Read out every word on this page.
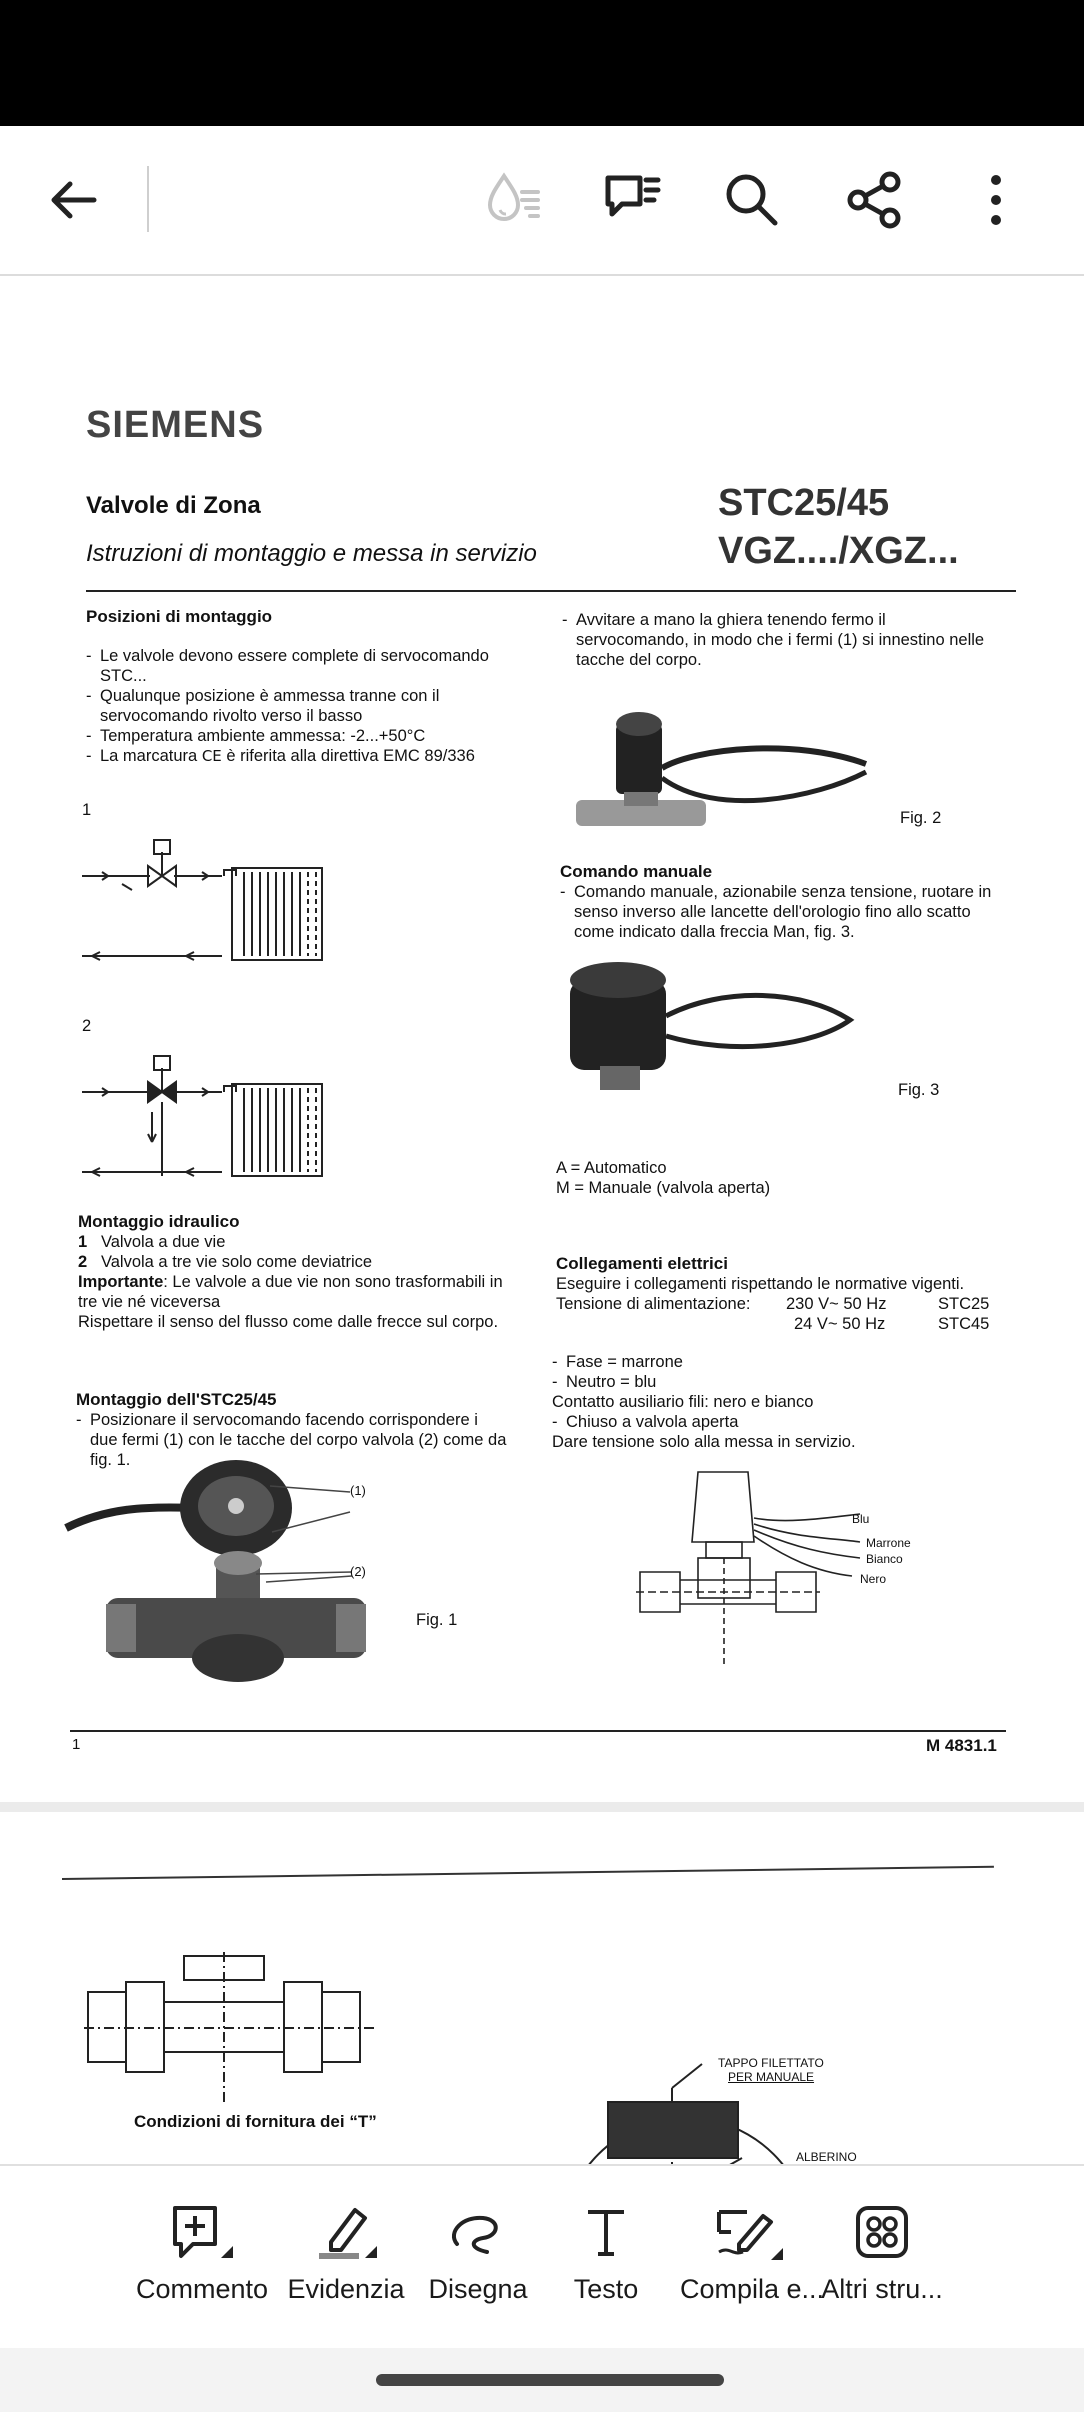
SIEMENS
Valvole di Zona
Istruzioni di montaggio e messa in servizio
STC25/45
VGZ..../XGZ...
Posizioni di montaggio
- Le valvole devono essere complete di servocomando
STC...
- Qualunque posizione è ammessa tranne con il
servocomando rivolto verso il basso
- Temperatura ambiente ammessa: -2...+50°C
- La marcatura CE è riferita alla direttiva EMC 89/336
1
2
Montaggio idraulico
1 Valvola a due vie
2 Valvola a tre vie solo come deviatrice
Importante: Le valvole a due vie non sono trasformabili in
tre vie né viceversa
Rispettare il senso del flusso come dalle frecce sul corpo.
Montaggio dell'STC25/45
- Posizionare il servocomando facendo corrispondere i
due fermi (1) con le tacche del corpo valvola (2) come da
fig. 1.
(1)
(2)
Fig. 1
- Avvitare a mano la ghiera tenendo fermo il
servocomando, in modo che i fermi (1) si innestino nelle
tacche del corpo.
Fig. 2
Comando manuale
- Comando manuale, azionabile senza tensione, ruotare in
senso inverso alle lancette dell'orologio fino allo scatto
come indicato dalla freccia Man, fig. 3.
Fig. 3
A = Automatico
M = Manuale (valvola aperta)
Collegamenti elettrici
Eseguire i collegamenti rispettando le normative vigenti.
Tensione di alimentazione: 230 V~ 50 Hz	STC25
24 V~ 50 Hz	STC45
- Fase = marrone
- Neutro = blu
Contatto ausiliario fili: nero e bianco
- Chiuso a valvola aperta
Dare tensione solo alla messa in servizio.
Blu
Marrone
Bianco
Nero
1	M 4831.1
Condizioni di fornitura dei “T”
TAPPO FILETTATO
PER MANUALE
ALBERINO
Commento Evidenzia Disegna	Testo	Compila e...
Altri stru...
